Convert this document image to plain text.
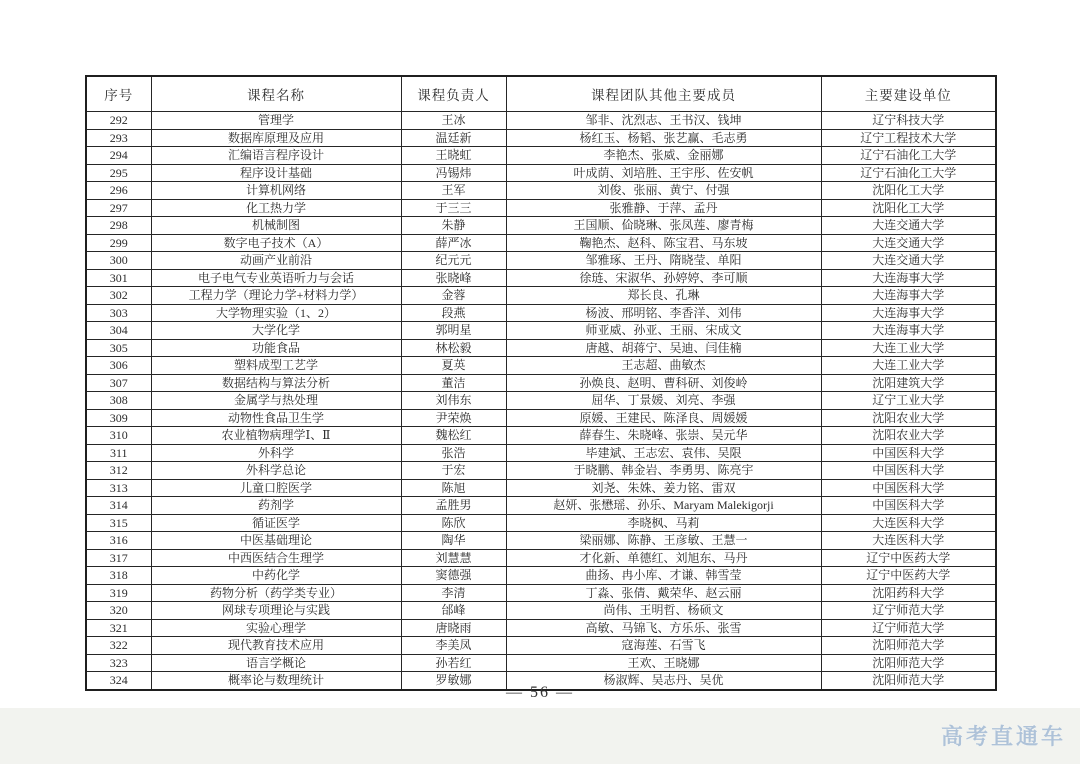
序号	课程名称	课程负责人	课程团队其他主要成员	主要建设单位
292	管理学	王冰	邹非、沈烈志、王书汉、钱坤	辽宁科技大学
293	数据库原理及应用	温廷新	杨红玉、杨韬、张艺赢、毛志勇	辽宁工程技术大学
294	汇编语言程序设计	王晓虹	李艳杰、张威、金丽娜	辽宁石油化工大学
295	程序设计基础	冯锡炜	叶成荫、刘培胜、王宇彤、佐安帆	辽宁石油化工大学
296	计算机网络	王军	刘俊、张丽、黄宁、付强	沈阳化工大学
297	化工热力学	于三三	张雅静、于萍、孟丹	沈阳化工大学
298	机械制图	朱静	王国顺、佡晓琳、张凤莲、廖青梅	大连交通大学
299	数字电子技术（A）	薛严冰	鞠艳杰、赵科、陈宝君、马东坡	大连交通大学
300	动画产业前沿	纪元元	邹雅琢、王丹、隋晓莹、单阳	大连交通大学
301	电子电气专业英语听力与会话	张晓峰	徐琏、宋淑华、孙婷婷、李可顺	大连海事大学
302	工程力学（理论力学+材料力学）	金蓉	郑长良、孔琳	大连海事大学
303	大学物理实验（1、2）	段燕	杨波、邢明铭、李香洋、刘伟	大连海事大学
304	大学化学	郭明星	师亚威、孙亚、王丽、宋成文	大连海事大学
305	功能食品	林松毅	唐越、胡蒋宁、吴迪、闫佳楠	大连工业大学
306	塑料成型工艺学	夏英	王志超、曲敏杰	大连工业大学
307	数据结构与算法分析	董洁	孙焕良、赵明、曹科研、刘俊岭	沈阳建筑大学
308	金属学与热处理	刘伟东	屈华、丁景媛、刘亮、李强	辽宁工业大学
309	动物性食品卫生学	尹荣焕	原媛、王建民、陈泽良、周媛媛	沈阳农业大学
310	农业植物病理学Ⅰ、Ⅱ	魏松红	薛春生、朱晓峰、张崇、吴元华	沈阳农业大学
311	外科学	张浩	毕建斌、王志宏、袁伟、吴限	中国医科大学
312	外科学总论	于宏	于晓鹏、韩金岩、李勇男、陈亮宇	中国医科大学
313	儿童口腔医学	陈旭	刘尧、朱姝、姜力铭、雷双	中国医科大学
314	药剂学	孟胜男	赵妍、张懋瑶、孙乐、Maryam Malekigorji	中国医科大学
315	循证医学	陈欣	李晓枫、马莉	大连医科大学
316	中医基础理论	陶华	梁丽娜、陈静、王彦敏、王慧一	大连医科大学
317	中西医结合生理学	刘慧慧	才化新、单德红、刘旭东、马丹	辽宁中医药大学
318	中药化学	窦德强	曲扬、冉小库、才谦、韩雪莹	辽宁中医药大学
319	药物分析（药学类专业）	李清	丁淼、张倩、戴荣华、赵云丽	沈阳药科大学
320	网球专项理论与实践	邰峰	尚伟、王明哲、杨硕文	辽宁师范大学
321	实验心理学	唐晓雨	高敏、马锦飞、方乐乐、张雪	辽宁师范大学
322	现代教育技术应用	李美凤	寇海莲、石雪飞	沈阳师范大学
323	语言学概论	孙若红	王欢、王晓娜	沈阳师范大学
324	概率论与数理统计	罗敏娜	杨淑辉、吴志丹、吴优	沈阳师范大学
— 56 —
高考直通车
